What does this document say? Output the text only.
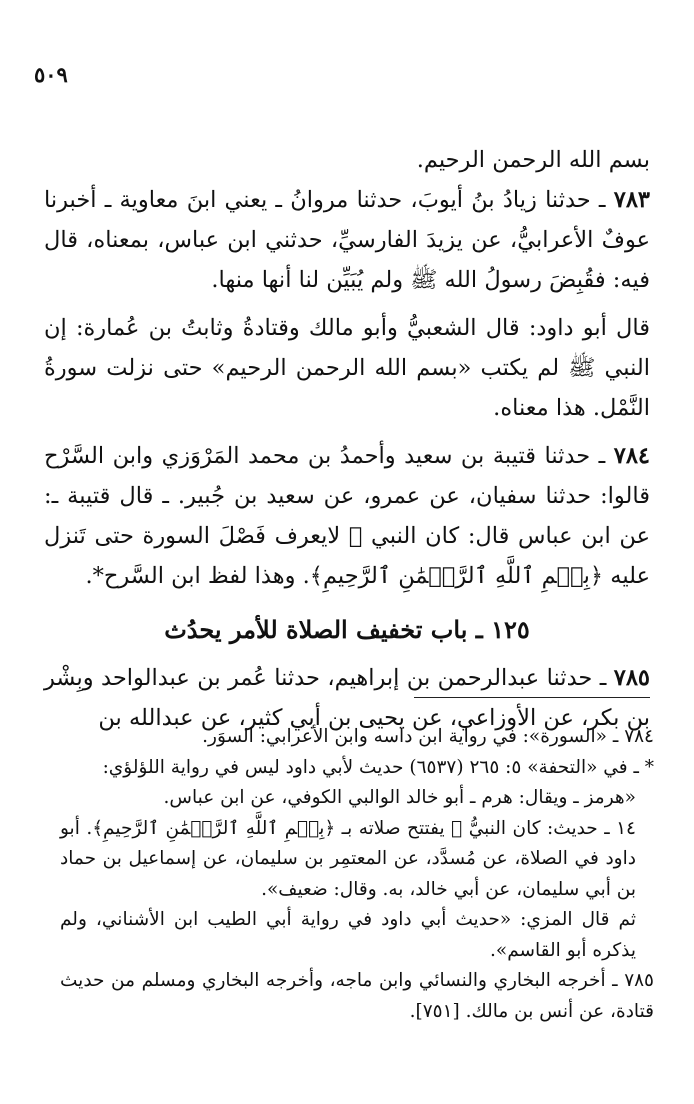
٥٠٩

بسم الله الرحمن الرحيم.

٧٨٣ ـ حدثنا زيادُ بنُ أيوبَ، حدثنا مروانُ ـ يعني ابنَ معاوية ـ أخبرنا عوفٌ الأعرابيُّ، عن يزيدَ الفارسيِّ، حدثني ابن عباس، بمعناه، قال فيه: فقُبِضَ رسولُ الله ﷺ ولم يُبَيِّن لنا أنها منها.

قال أبو داود: قال الشعبيُّ وأبو مالك وقتادةُ وثابتُ بن عُمارة: إن النبي ﷺ لم يكتب «بسم الله الرحمن الرحيم» حتى نزلت سورةُ النَّمْل. هذا معناه.

٧٨٤ ـ حدثنا قتيبة بن سعيد وأحمدُ بن محمد المَرْوَزي وابن السَّرْح قالوا: حدثنا سفيان، عن عمرو، عن سعيد بن جُبير. ـ قال قتيبة ـ: عن ابن عباس قال: كان النبي ﷺ لايعرف فَصْلَ السورة حتى تَنزل عليه ﴿بِسۡمِ ٱللَّهِ ٱلرَّحۡمَٰنِ ٱلرَّحِيمِ﴾. وهذا لفظ ابن السَّرح*.

١٢٥ ـ باب تخفيف الصلاة للأمر يحدُث

٧٨٥ ـ حدثنا عبدالرحمن بن إبراهيم، حدثنا عُمر بن عبدالواحد وبِشْر بن بكر، عن الأوزاعي، عن يحيى بن أبي كثير، عن عبدالله بن

٧٨٤ ـ «السورة»: في رواية ابن داسه وابن الأعرابي: السوَر.

* ـ في «التحفة» ٥: ٢٦٥ (٦٥٣٧) حديث لأبي داود ليس في رواية اللؤلؤي:

«هرمز ـ ويقال: هرم ـ أبو خالد الوالبي الكوفي، عن ابن عباس.

١٤ ـ حديث: كان النبيُّ ﷺ يفتتح صلاته بـ ﴿بِسۡمِ ٱللَّهِ ٱلرَّحۡمَٰنِ ٱلرَّحِيمِ﴾. أبو داود في الصلاة، عن مُسدَّد، عن المعتمِر بن سليمان، عن إسماعيل بن حماد بن أبي سليمان، عن أبي خالد، به. وقال: ضعيف».

ثم قال المزي: «حديث أبي داود في رواية أبي الطيب ابن الأشناني، ولم يذكره أبو القاسم».

٧٨٥ ـ أخرجه البخاري والنسائي وابن ماجه، وأخرجه البخاري ومسلم من حديث قتادة، عن أنس بن مالك. [٧٥١].
